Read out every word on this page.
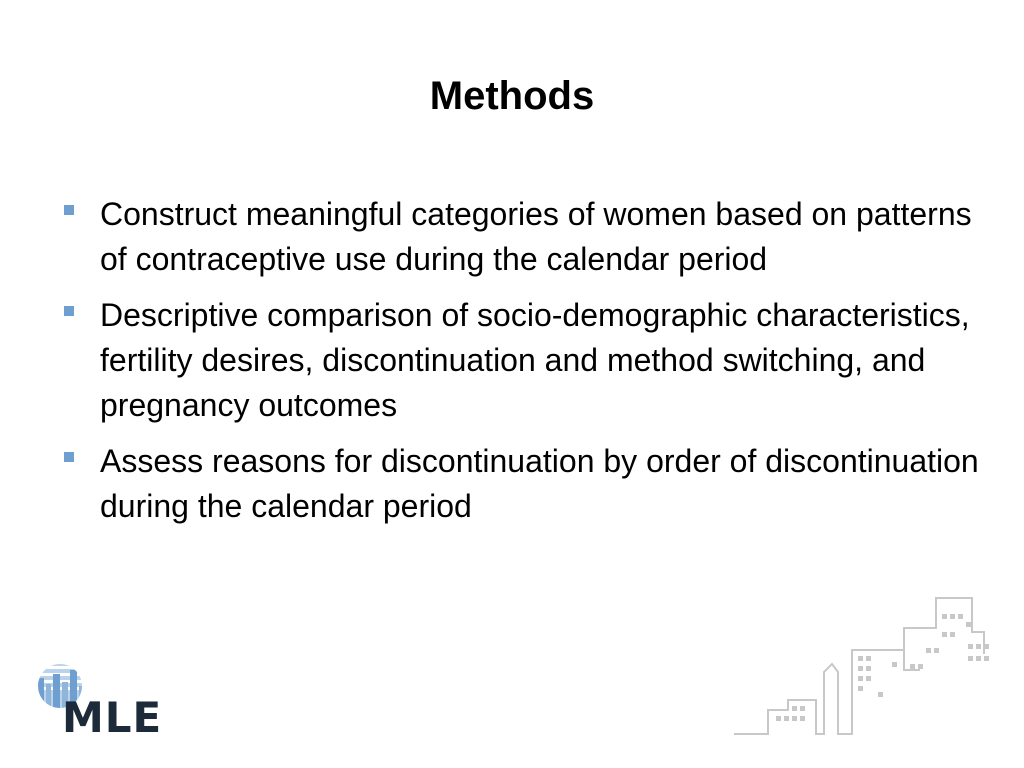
Methods
Construct meaningful categories of women based on patterns of contraceptive use during the calendar period
Descriptive comparison of socio-demographic characteristics, fertility desires, discontinuation and method switching, and pregnancy outcomes
Assess reasons for discontinuation by order of discontinuation during the calendar period
MLE
